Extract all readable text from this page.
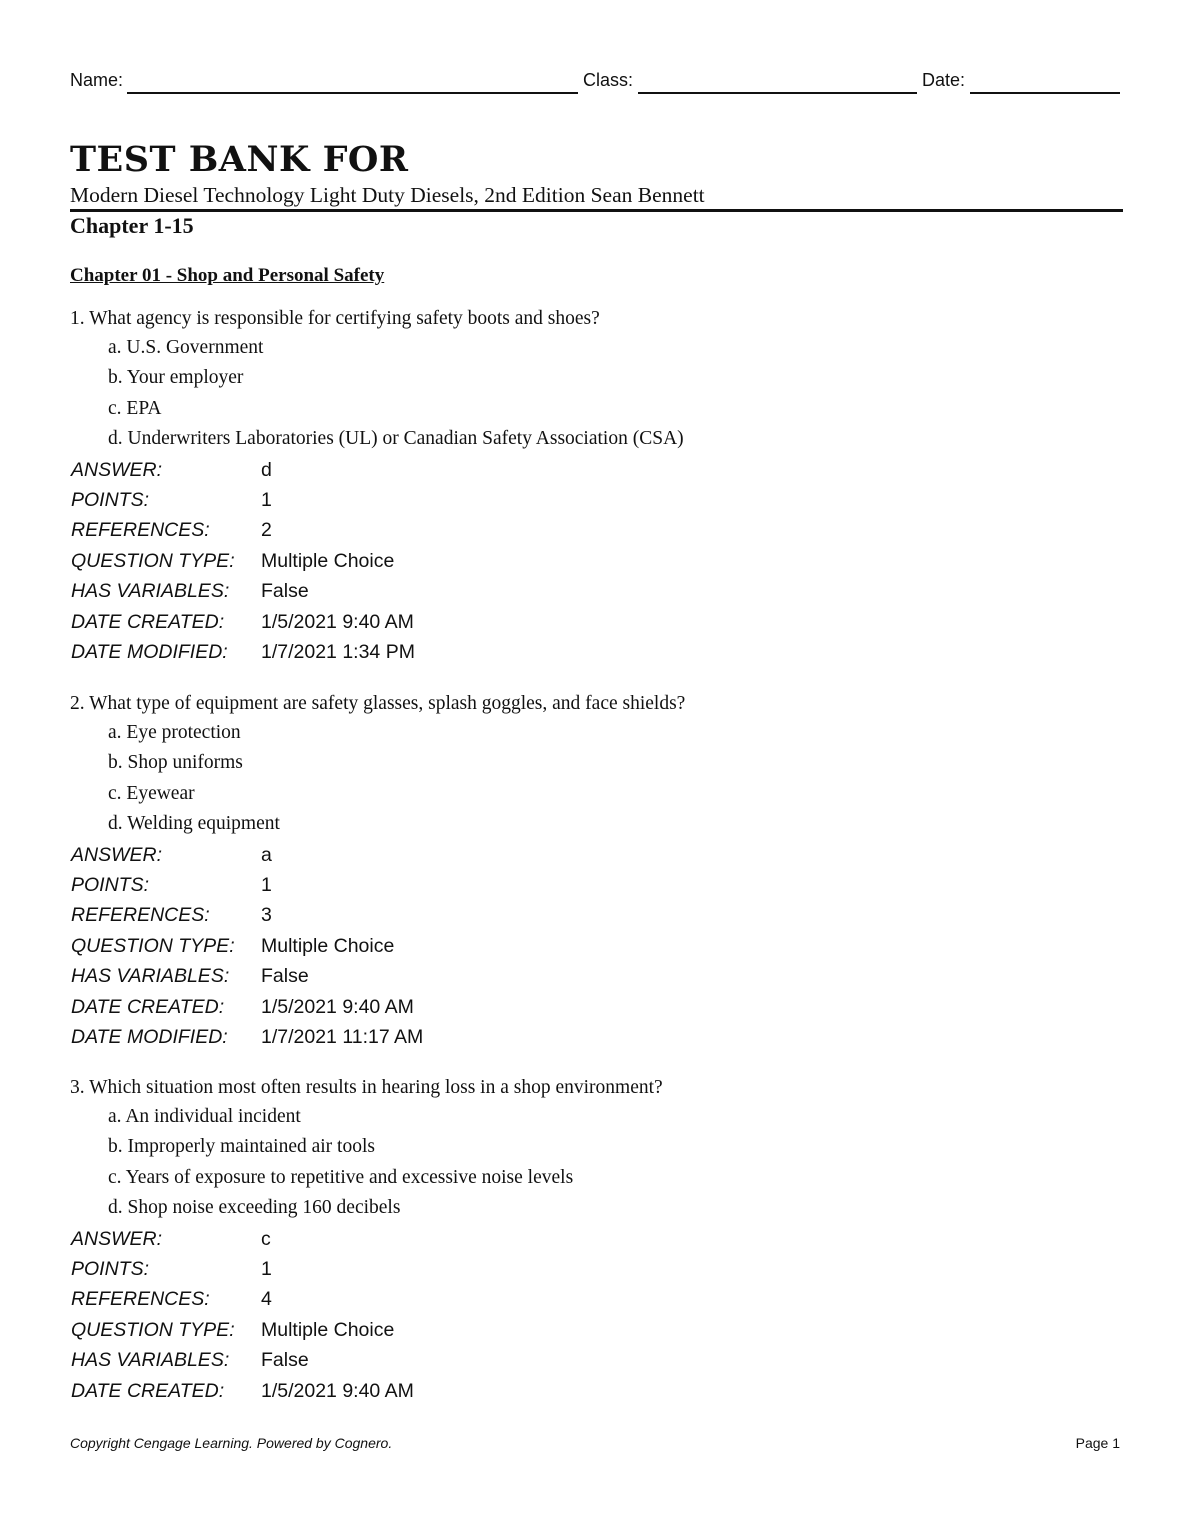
Name:	Class:	Date:
TEST BANK FOR
Modern Diesel Technology Light Duty Diesels, 2nd Edition Sean Bennett
Chapter 1-15
Chapter 01 - Shop and Personal Safety
1. What agency is responsible for certifying safety boots and shoes?
a. U.S. Government
b. Your employer
c. EPA
d. Underwriters Laboratories (UL) or Canadian Safety Association (CSA)
ANSWER:	d
POINTS:	1
REFERENCES:	2
QUESTION TYPE: Multiple Choice
HAS VARIABLES: False
DATE CREATED: 1/5/2021 9:40 AM
DATE MODIFIED: 1/7/2021 1:34 PM
2. What type of equipment are safety glasses, splash goggles, and face shields?
a. Eye protection
b. Shop uniforms
c. Eyewear
d. Welding equipment
ANSWER:	a
POINTS:	1
REFERENCES:	3
QUESTION TYPE: Multiple Choice
HAS VARIABLES: False
DATE CREATED: 1/5/2021 9:40 AM
DATE MODIFIED: 1/7/2021 11:17 AM
3. Which situation most often results in hearing loss in a shop environment?
a. An individual incident
b. Improperly maintained air tools
c. Years of exposure to repetitive and excessive noise levels
d. Shop noise exceeding 160 decibels
ANSWER:	c
POINTS:	1
REFERENCES:	4
QUESTION TYPE: Multiple Choice
HAS VARIABLES: False
DATE CREATED: 1/5/2021 9:40 AM
Copyright Cengage Learning. Powered by Cognero.	Page 1
